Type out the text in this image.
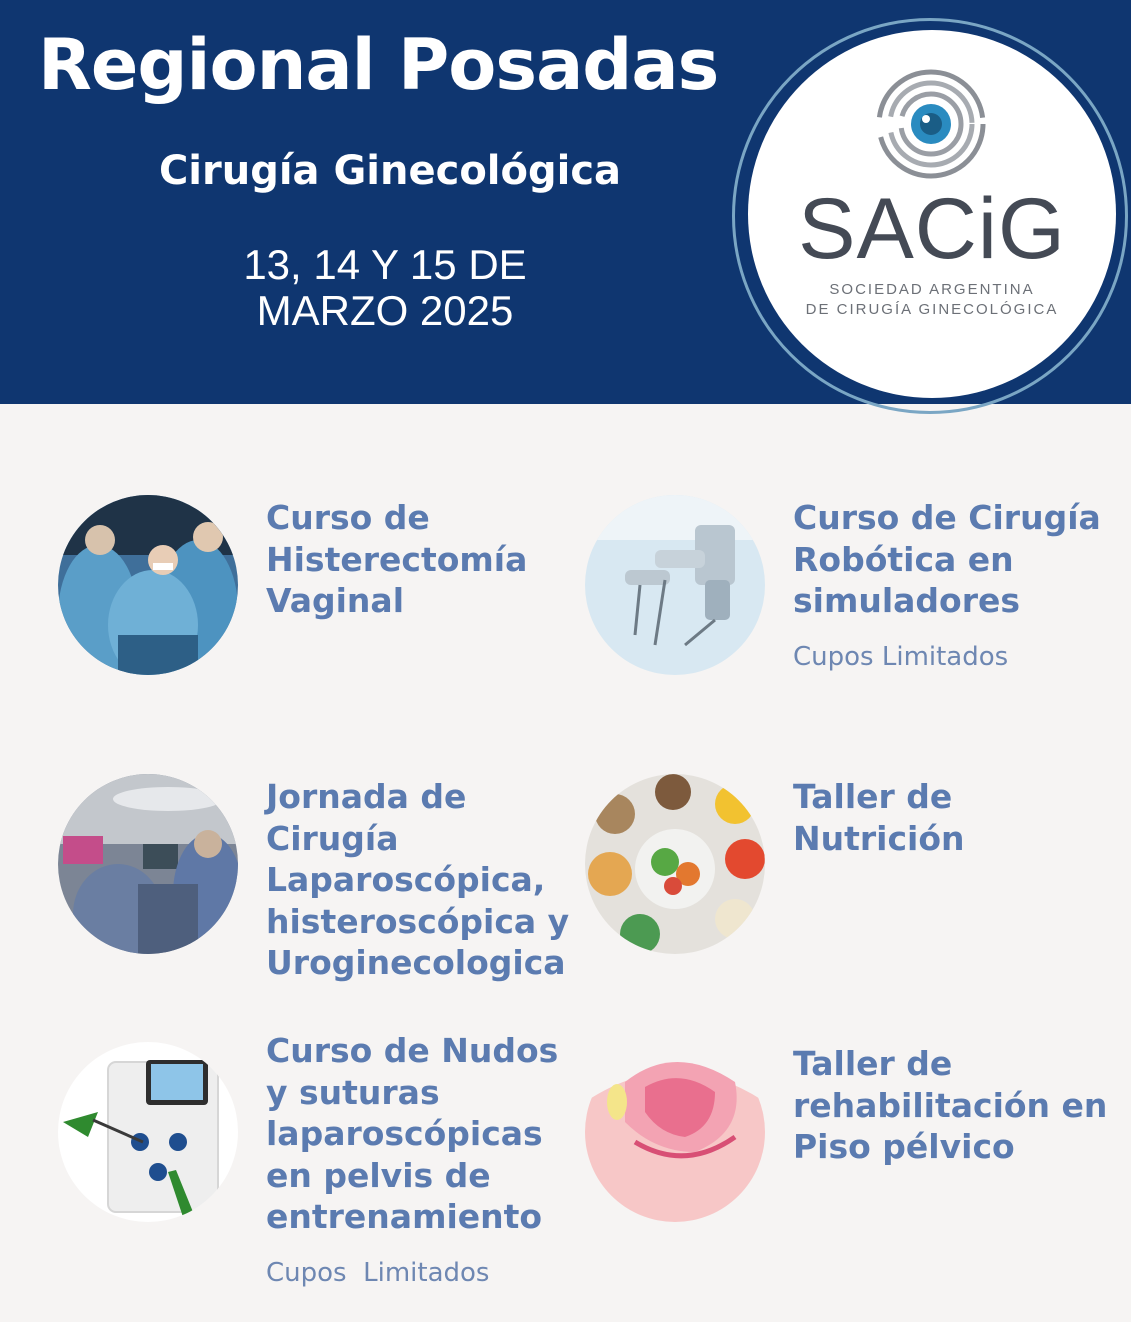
Regional Posadas
Cirugía Ginecológica
13, 14 Y 15 DE
MARZO 2025
SACiG
SOCIEDAD ARGENTINA
DE CIRUGÍA GINECOLÓGICA
Curso de
Histerectomía
Vaginal
Curso de Cirugía
Robótica en
simuladores
Cupos Limitados
Jornada de
Cirugía
Laparoscópica,
histeroscópica y
Uroginecologica
Taller de
Nutrición
Curso de Nudos
y suturas
laparoscópicas
en pelvis de
entrenamiento
Cupos  Limitados
Taller de
rehabilitación en
Piso pélvico
